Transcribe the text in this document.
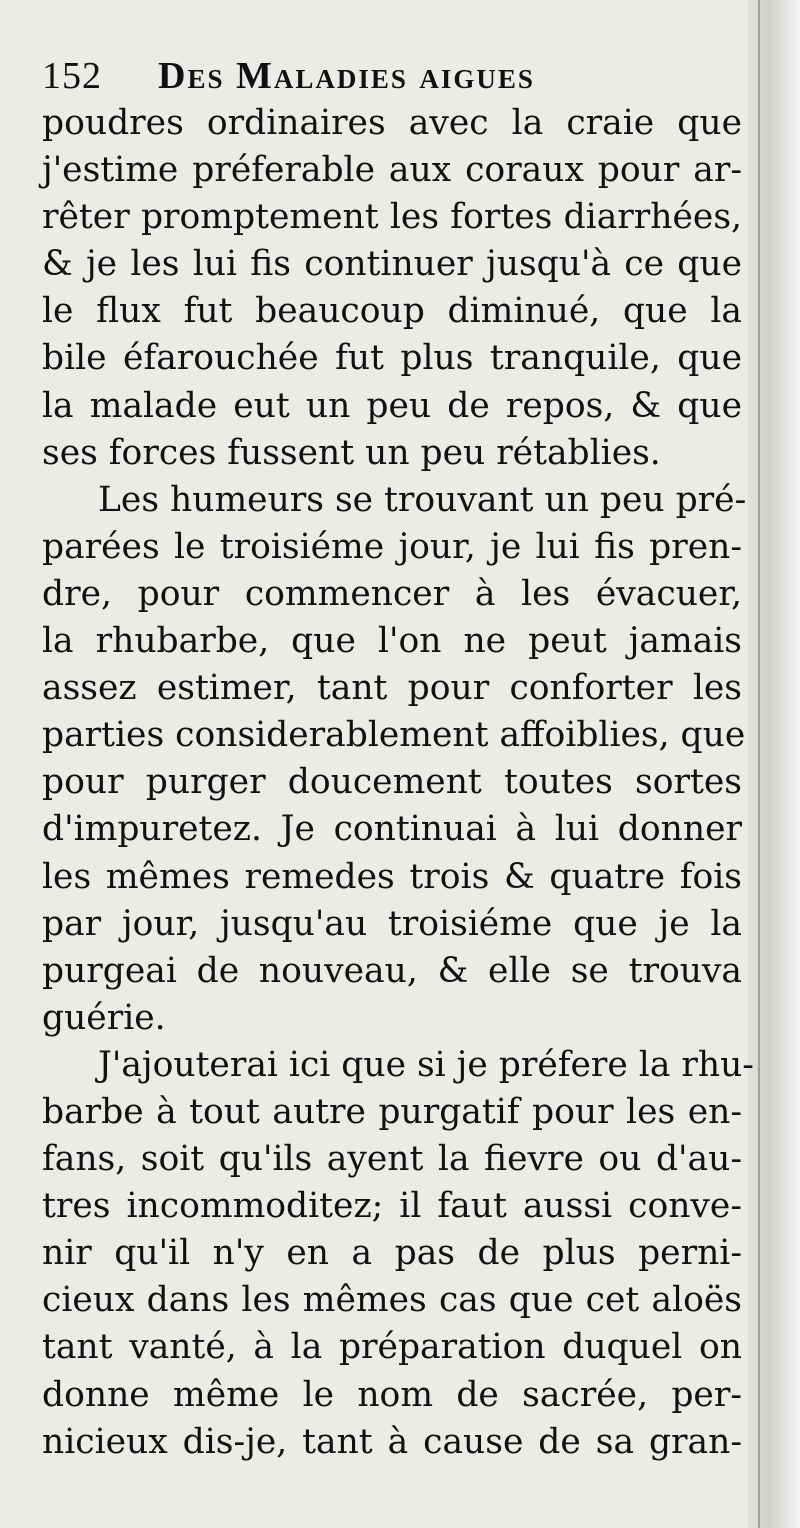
152 Des Maladies aigues
poudres ordinaires avec la craie que
j'estime préferable aux coraux pour ar-
rêter promptement les fortes diarrhées,
& je les lui fis continuer jusqu'à ce que
le flux fut beaucoup diminué, que la
bile éfarouchée fut plus tranquile, que
la malade eut un peu de repos, & que
ses forces fussent un peu rétablies.
Les humeurs se trouvant un peu pré-
parées le troisiéme jour, je lui fis pren-
dre, pour commencer à les évacuer,
la rhubarbe, que l'on ne peut jamais
assez estimer, tant pour conforter les
parties considerablement affoiblies, que
pour purger doucement toutes sortes
d'impuretez. Je continuai à lui donner
les mêmes remedes trois & quatre fois
par jour, jusqu'au troisiéme que je la
purgeai de nouveau, & elle se trouva
guérie.
J'ajouterai ici que si je préfere la rhu-
barbe à tout autre purgatif pour les en-
fans, soit qu'ils ayent la fievre ou d'au-
tres incommoditez; il faut aussi conve-
nir qu'il n'y en a pas de plus perni-
cieux dans les mêmes cas que cet aloës
tant vanté, à la préparation duquel on
donne même le nom de sacrée, per-
nicieux dis-je, tant à cause de sa gran-
